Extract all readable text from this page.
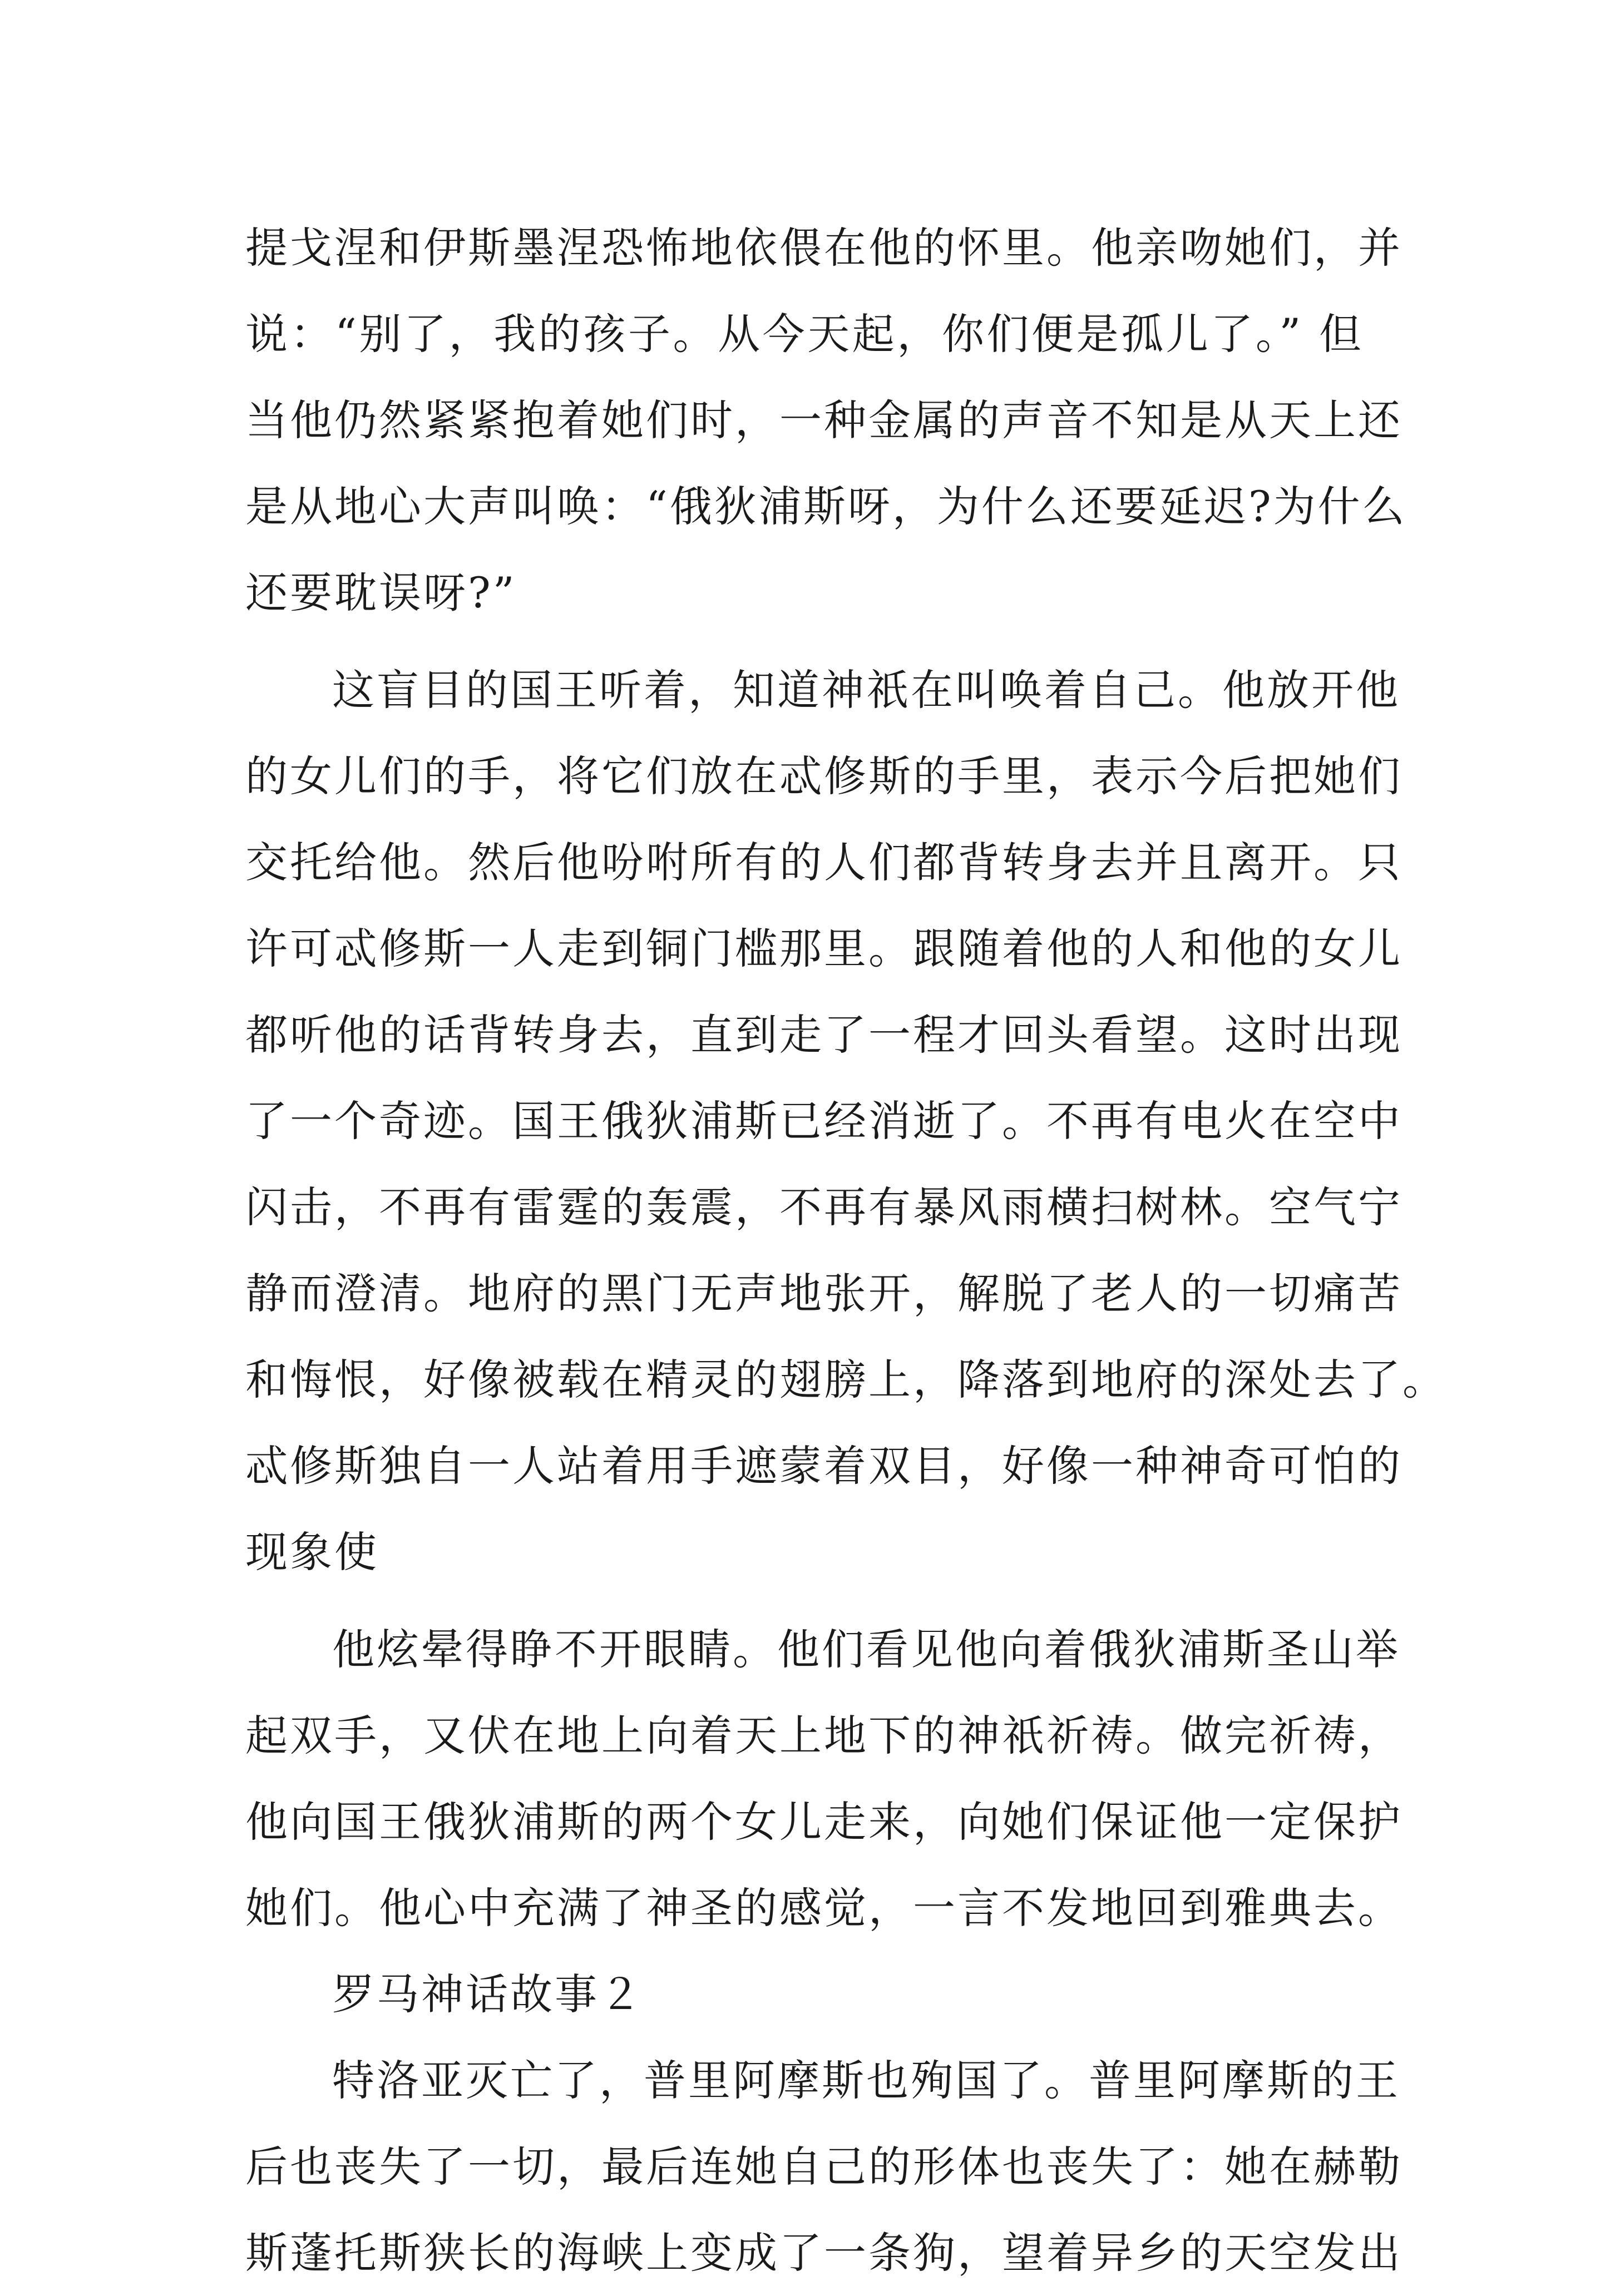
提戈涅和伊斯墨涅恐怖地依偎在他的怀里。他亲吻她们，并
说：“别了，我的孩子。从今天起，你们便是孤儿了。” 但
当他仍然紧紧抱着她们时，一种金属的声音不知是从天上还
是从地心大声叫唤：“俄狄浦斯呀，为什么还要延迟?为什么
还要耽误呀?”
这盲目的国王听着，知道神祇在叫唤着自己。他放开他
的女儿们的手，将它们放在忒修斯的手里，表示今后把她们
交托给他。然后他吩咐所有的人们都背转身去并且离开。只
许可忒修斯一人走到铜门槛那里。跟随着他的人和他的女儿
都听他的话背转身去，直到走了一程才回头看望。这时出现
了一个奇迹。国王俄狄浦斯已经消逝了。不再有电火在空中
闪击，不再有雷霆的轰震，不再有暴风雨横扫树林。空气宁
静而澄清。地府的黑门无声地张开，解脱了老人的一切痛苦
和悔恨，好像被载在精灵的翅膀上，降落到地府的深处去了。
忒修斯独自一人站着用手遮蒙着双目，好像一种神奇可怕的
现象使
他炫晕得睁不开眼睛。他们看见他向着俄狄浦斯圣山举
起双手，又伏在地上向着天上地下的神祇祈祷。做完祈祷，
他向国王俄狄浦斯的两个女儿走来，向她们保证他一定保护
她们。他心中充满了神圣的感觉，一言不发地回到雅典去。
罗马神话故事２
特洛亚灭亡了，普里阿摩斯也殉国了。普里阿摩斯的王
后也丧失了一切，最后连她自己的形体也丧失了：她在赫勒
斯蓬托斯狭长的海峡上变成了一条狗，望着异乡的天空发出
